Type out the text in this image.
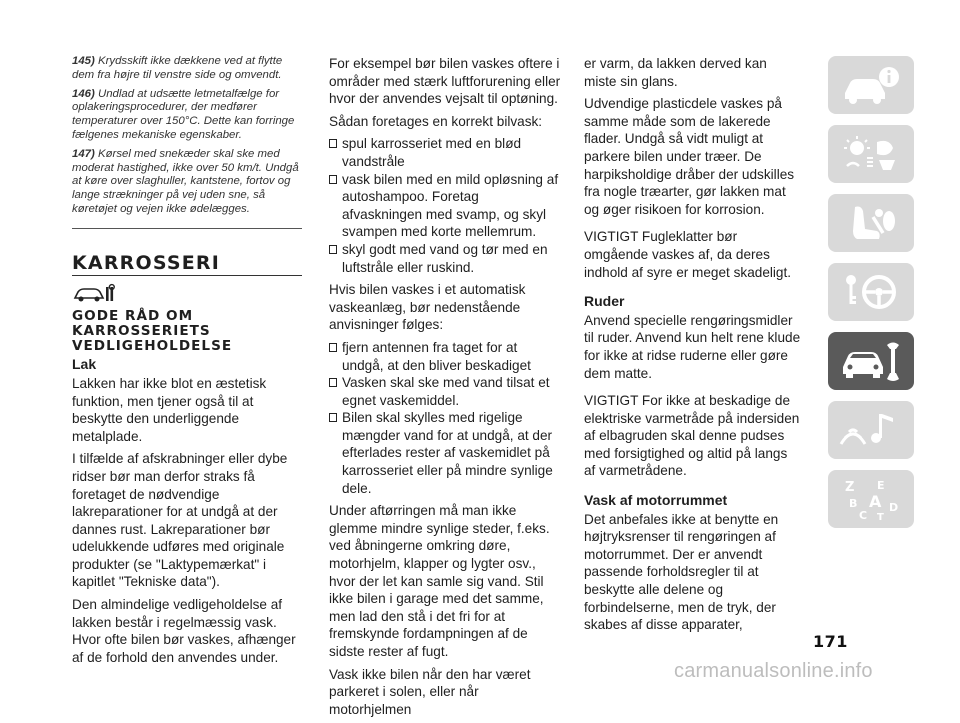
145) Krydsskift ikke dækkene ved at flytte dem fra højre til venstre side og omvendt.

146) Undlad at udsætte letmetalfælge for oplakeringsprocedurer, der medfører temperaturer over 150°C. Dette kan forringe fælgenes mekaniske egenskaber.

147) Kørsel med snekæder skal ske med moderat hastighed, ikke over 50 km/t. Undgå at køre over slaghuller, kantstene, fortov og lange strækninger på vej uden sne, så køretøjet og vejen ikke ødelægges.

KARROSSERI
GODE RÅD OM KARROSSERIETS VEDLIGEHOLDELSE
Lak

Lakken har ikke blot en æstetisk funktion, men tjener også til at beskytte den underliggende metalplade.

I tilfælde af afskrabninger eller dybe ridser bør man derfor straks få foretaget de nødvendige lakreparationer for at undgå at der dannes rust. Lakreparationer bør udelukkende udføres med originale produkter (se "Laktypemærkat" i kapitlet "Tekniske data").

Den almindelige vedligeholdelse af lakken består i regelmæssig vask. Hvor ofte bilen bør vaskes, afhænger af de forhold den anvendes under.

For eksempel bør bilen vaskes oftere i områder med stærk luftforurening eller hvor der anvendes vejsalt til optøning.

Sådan foretages en korrekt bilvask:

spul karrosseriet med en blød vandstråle
vask bilen med en mild opløsning af autoshampoo. Foretag afvaskningen med svamp, og skyl svampen med korte mellemrum.
skyl godt med vand og tør med en luftstråle eller ruskind.

Hvis bilen vaskes i et automatisk vaskeanlæg, bør nedenstående anvisninger følges:

fjern antennen fra taget for at undgå, at den bliver beskadiget
Vasken skal ske med vand tilsat et egnet vaskemiddel.
Bilen skal skylles med rigelige mængder vand for at undgå, at der efterlades rester af vaskemidlet på karrosseriet eller på mindre synlige dele.

Under aftørringen må man ikke glemme mindre synlige steder, f.eks. ved åbningerne omkring døre, motorhjelm, klapper og lygter osv., hvor der let kan samle sig vand. Stil ikke bilen i garage med det samme, men lad den stå i det fri for at fremskynde fordampningen af de sidste rester af fugt.

Vask ikke bilen når den har været parkeret i solen, eller når motorhjelmen

er varm, da lakken derved kan miste sin glans.

Udvendige plasticdele vaskes på samme måde som de lakerede flader. Undgå så vidt muligt at parkere bilen under træer. De harpiksholdige dråber der udskilles fra nogle træarter, gør lakken mat og øger risikoen for korrosion.

VIGTIGT Fugleklatter bør omgående vaskes af, da deres indhold af syre er meget skadeligt.

Ruder

Anvend specielle rengøringsmidler til ruder. Anvend kun helt rene klude for ikke at ridse ruderne eller gøre dem matte.

VIGTIGT For ikke at beskadige de elektriske varmetråde på indersiden af elbagruden skal denne pudses med forsigtighed og altid på langs af varmetrådene.

Vask af motorrummet

Det anbefales ikke at benytte en højtryksrenser til rengøringen af motorrummet. Der er anvendt passende forholdsregler til at beskytte alle delene og forbindelserne, men de tryk, der skabes af disse apparater,

Z E
B A
C
D
T
171
carmanualsonline.info
